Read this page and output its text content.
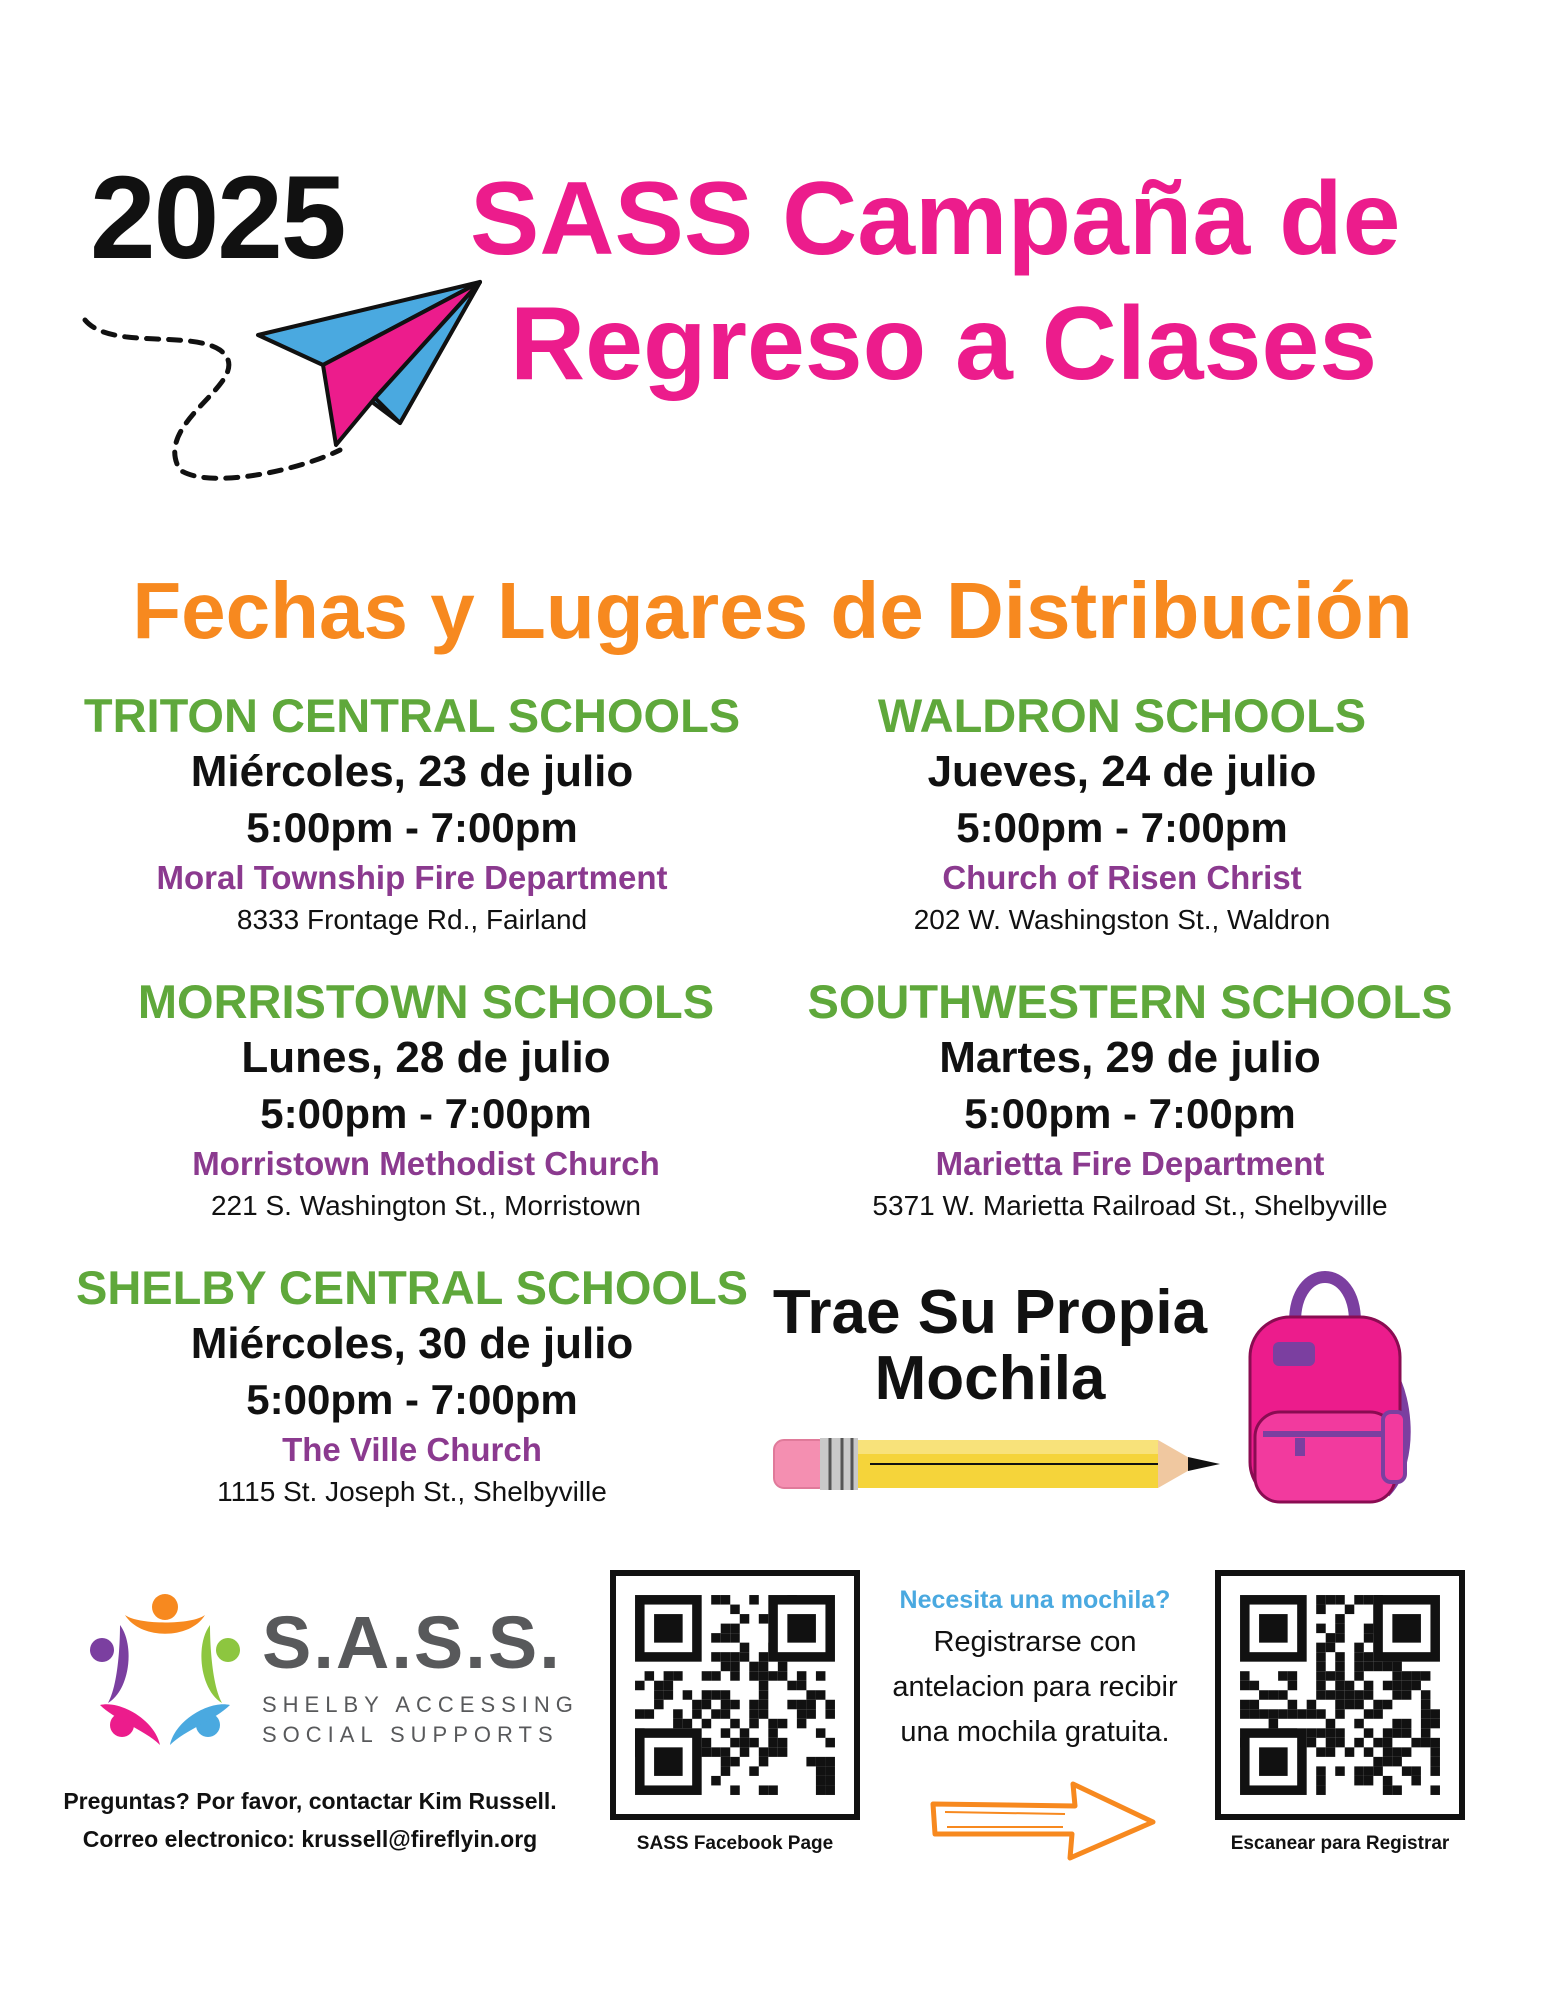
2025 SASS Campaña de
Regreso a Clases
Fechas y Lugares de Distribución
TRITON CENTRAL SCHOOLS
Miércoles, 23 de julio
5:00pm - 7:00pm
Moral Township Fire Department
8333 Frontage Rd., Fairland
WALDRON SCHOOLS
Jueves, 24 de julio
5:00pm - 7:00pm
Church of Risen Christ
202 W. Washingston St., Waldron
MORRISTOWN SCHOOLS
Lunes, 28 de julio
5:00pm - 7:00pm
Morristown Methodist Church
221 S. Washington St., Morristown
SOUTHWESTERN SCHOOLS
Martes, 29 de julio
5:00pm - 7:00pm
Marietta Fire Department
5371 W. Marietta Railroad St., Shelbyville
SHELBY CENTRAL SCHOOLS
Miércoles, 30 de julio
5:00pm - 7:00pm
The Ville Church
1115 St. Joseph St., Shelbyville
Trae Su Propia
Mochila
S.A.S.S.
SHELBY ACCESSING
SOCIAL SUPPORTS
Preguntas? Por favor, contactar Kim Russell.
Correo electronico: krussell@fireflyin.org	SASS Facebook Page
Necesita una mochila?
Registrarse con
antelacion para recibir
una mochila gratuita.
Escanear para Registrar
